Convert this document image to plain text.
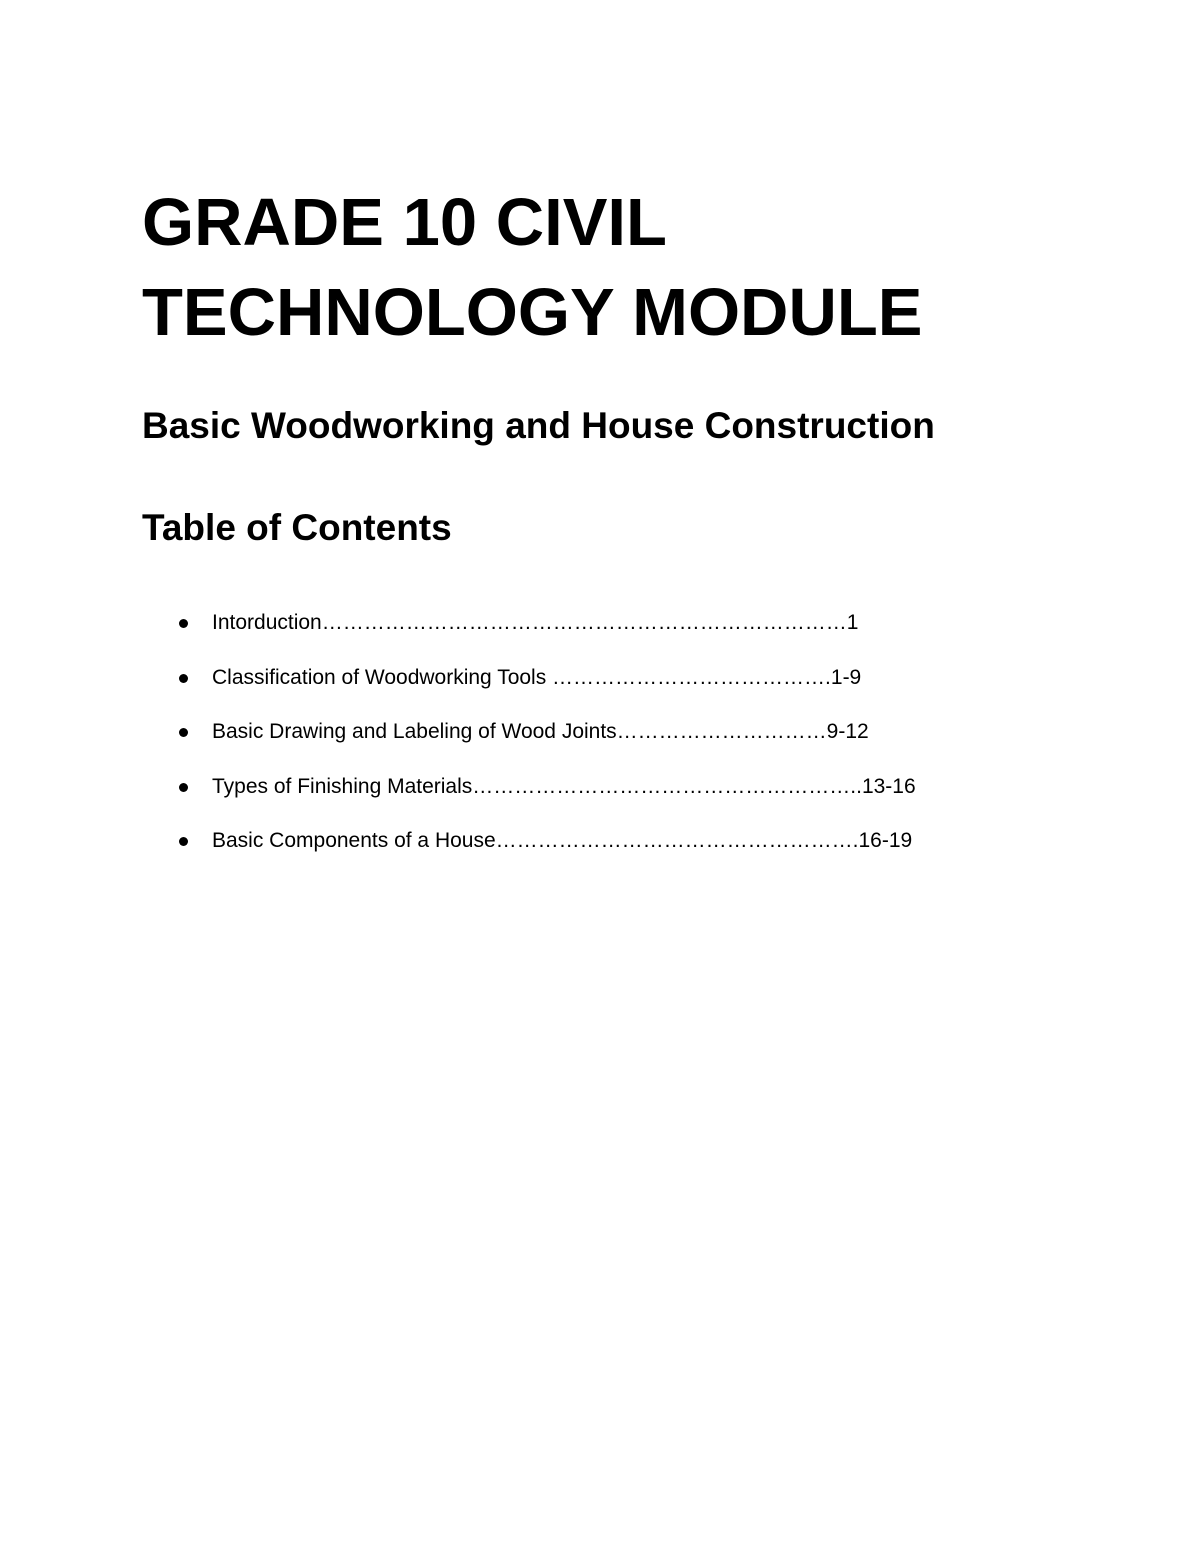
GRADE 10 CIVIL
TECHNOLOGY MODULE
Basic Woodworking and House Construction
Table of Contents
Intorduction…………………………………………………………………1
Classification of Woodworking Tools ………………………………….1-9
Basic Drawing and Labeling of Wood Joints…………………………9-12
Types of Finishing Materials………………………………………………..13-16
Basic Components of a House…………………………………………….16-19
